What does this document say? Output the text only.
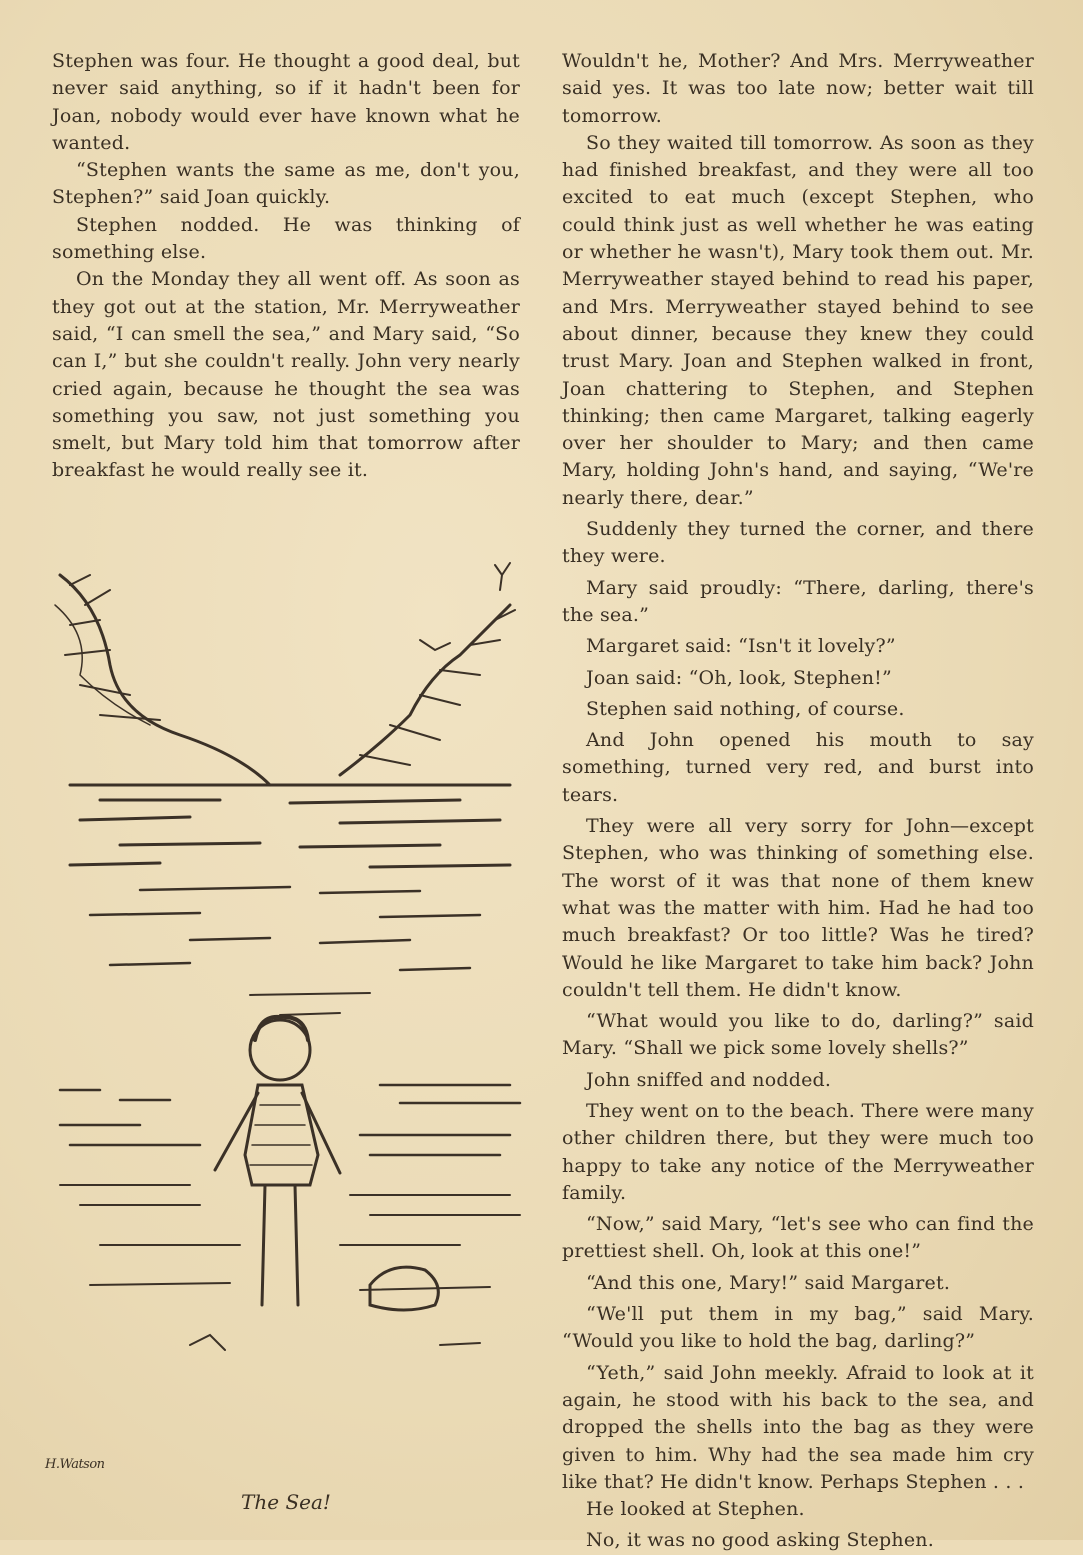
Stephen was four. He thought a good deal, but never said anything, so if it hadn't been for Joan, nobody would ever have known what he wanted.

“Stephen wants the same as me, don't you, Stephen?” said Joan quickly.

Stephen nodded. He was thinking of something else.

On the Monday they all went off. As soon as they got out at the station, Mr. Merryweather said, “I can smell the sea,” and Mary said, “So can I,” but she couldn't really. John very nearly cried again, because he thought the sea was something you saw, not just something you smelt, but Mary told him that tomorrow after breakfast he would really see it.

H.Watson
The Sea!

Wouldn't he, Mother? And Mrs. Merryweather said yes. It was too late now; better wait till tomorrow.

So they waited till tomorrow. As soon as they had finished breakfast, and they were all too excited to eat much (except Stephen, who could think just as well whether he was eating or whether he wasn't), Mary took them out. Mr. Merryweather stayed behind to read his paper, and Mrs. Merryweather stayed behind to see about dinner, because they knew they could trust Mary. Joan and Stephen walked in front, Joan chattering to Stephen, and Stephen thinking; then came Margaret, talking eagerly over her shoulder to Mary; and then came Mary, holding John's hand, and saying, “We're nearly there, dear.”

Suddenly they turned the corner, and there they were.

Mary said proudly: “There, darling, there's the sea.”

Margaret said: “Isn't it lovely?”

Joan said: “Oh, look, Stephen!”

Stephen said nothing, of course.

And John opened his mouth to say something, turned very red, and burst into tears.

They were all very sorry for John—except Stephen, who was thinking of something else. The worst of it was that none of them knew what was the matter with him. Had he had too much breakfast? Or too little? Was he tired? Would he like Margaret to take him back? John couldn't tell them. He didn't know.

“What would you like to do, darling?” said Mary. “Shall we pick some lovely shells?”

John sniffed and nodded.

They went on to the beach. There were many other children there, but they were much too happy to take any notice of the Merryweather family.

“Now,” said Mary, “let's see who can find the prettiest shell. Oh, look at this one!”

“And this one, Mary!” said Margaret.

“We'll put them in my bag,” said Mary. “Would you like to hold the bag, darling?”

“Yeth,” said John meekly. Afraid to look at it again, he stood with his back to the sea, and dropped the shells into the bag as they were given to him. Why had the sea made him cry like that? He didn't know. Perhaps Stephen . . .

He looked at Stephen.

No, it was no good asking Stephen.
